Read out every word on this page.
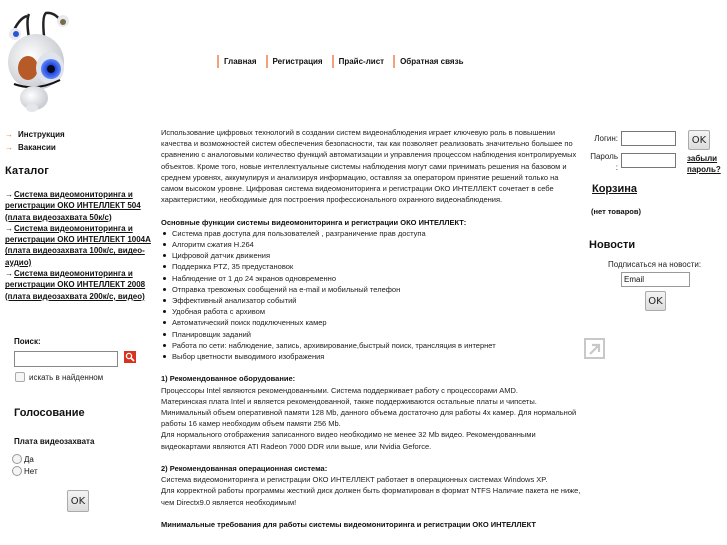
Главная Регистрация Прайс-лист Обратная связь
→ Инструкция
→ Вакансии
Каталог
→Система видеомониторинга и регистрации ОКО ИНТЕЛЛЕКТ 504 (плата видеозахвата 50к/с)
→Система видеомониторинга и регистрации ОКО ИНТЕЛЛЕКТ 1004А (плата видеозахвата 100к/с, видео-аудио)
→Система видеомониторинга и регистрации ОКО ИНТЕЛЛЕКТ 2008 (плата видеозахвата 200к/с, видео)
Поиск:
искать в найденном
Голосование
Плата видеозахвата
Да
Нет
OK

Использование цифровых технологий в создании систем видеонаблюдения играет ключевую роль в повышении качества и возможностей систем обеспечения безопасности, так как позволяет реализовать значительно большее по сравнению с аналоговыми количество функций автоматизации и управления процессом наблюдения контролируемых объектов. Кроме того, новые интеллектуальные системы наблюдения могут сами принимать решения на базовом и среднем уровнях, аккумулируя и анализируя информацию, оставляя за оператором принятие решений только на самом высоком уровне. Цифровая система видеомониторинга и регистрации ОКО ИНТЕЛЛЕКТ сочетает в себе характеристики, необходимые для построения профессионального охранного видеонаблюдения.

Основные функции системы видеомониторинга и регистрации ОКО ИНТЕЛЛЕКТ:

Система прав доступа для пользователей , разграничение прав доступа
Алгоритм сжатия H.264
Цифровой датчик движения
Поддержка PTZ, 35 предустановок
Наблюдение от 1 до 24 экранов одновременно
Отправка тревожных сообщений на e-mail и мобильный телефон
Эффективный анализатор событий
Удобная работа с архивом
Автоматический поиск подключенных камер
Планировщик заданий
Работа по сети: наблюдение, запись, архивирование,быстрый поиск, трансляция в интернет
Выбор цветности выводимого изображения

1) Рекомендованное оборудование:

Процессоры Intel являются рекомендованными. Система поддерживает работу с процессорами AMD.

Материнская плата Intel и является рекомендованной, также поддерживаются остальные платы и чипсеты.

Минимальный объем оперативной памяти 128 Mb, данного объема достаточно для работы 4х камер. Для нормальной работы 16 камер необходим объем памяти 256 Mb.

Для нормального отображения записанного видео необходимо не менее 32 Mb видео. Рекомендованными видеокартами являются ATI Radeon 7000 DDR или выше, или Nvidia Geforce.

2) Рекомендованная операционная система:

Система видеомониторинга и регистрации ОКО ИНТЕЛЛЕКТ работает в операционных системах Windows XP.

Для корректной работы программы жесткий диск должен быть форматирован в формат NTFS Наличие пакета не ниже, чем Directx9.0 является необходимым!

Минимальные требования для работы системы видеомониторинга и регистрации ОКО ИНТЕЛЛЕКТ

Логин:
Пароль :
OK
забыли пароль?
Корзина
(нет товаров)
Новости
Подписаться на новости:
Email
OK
